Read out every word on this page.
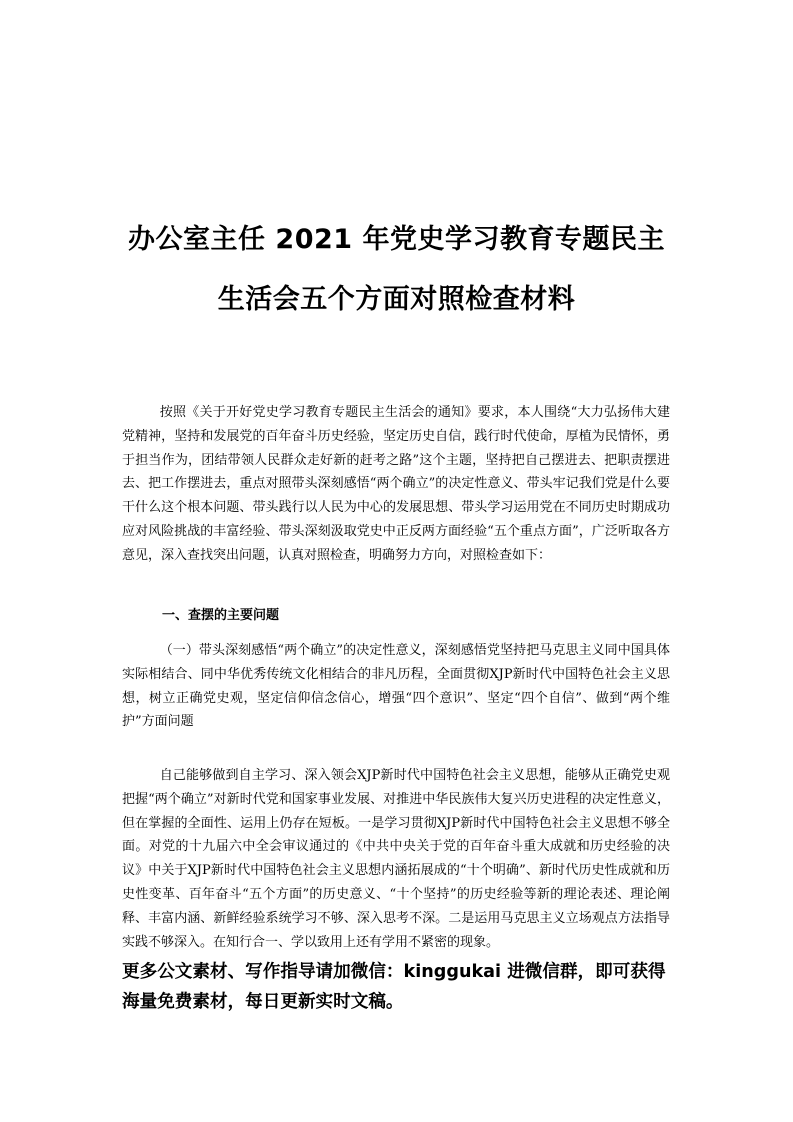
办公室主任 2021 年党史学习教育专题民主
生活会五个方面对照检查材料

按照《关于开好党史学习教育专题民主生活会的通知》要求，本人围绕“大力弘扬伟大建党精神，坚持和发展党的百年奋斗历史经验，坚定历史自信，践行时代使命，厚植为民情怀，勇于担当作为，团结带领人民群众走好新的赶考之路”这个主题，坚持把自己摆进去、把职责摆进去、把工作摆进去，重点对照带头深刻感悟“两个确立”的决定性意义、带头牢记我们党是什么要干什么这个根本问题、带头践行以人民为中心的发展思想、带头学习运用党在不同历史时期成功应对风险挑战的丰富经验、带头深刻汲取党史中正反两方面经验“五个重点方面”，广泛听取各方意见，深入查找突出问题，认真对照检查，明确努力方向，对照检查如下：

一、查摆的主要问题

（一）带头深刻感悟“两个确立”的决定性意义，深刻感悟党坚持把马克思主义同中国具体实际相结合、同中华优秀传统文化相结合的非凡历程，全面贯彻XJP新时代中国特色社会主义思想，树立正确党史观，坚定信仰信念信心，增强“四个意识”、坚定“四个自信”、做到“两个维护”方面问题

自己能够做到自主学习、深入领会XJP新时代中国特色社会主义思想，能够从正确党史观把握“两个确立”对新时代党和国家事业发展、对推进中华民族伟大复兴历史进程的决定性意义，但在掌握的全面性、运用上仍存在短板。一是学习贯彻XJP新时代中国特色社会主义思想不够全面。对党的十九届六中全会审议通过的《中共中央关于党的百年奋斗重大成就和历史经验的决议》中关于XJP新时代中国特色社会主义思想内涵拓展成的“十个明确”、新时代历史性成就和历史性变革、百年奋斗“五个方面”的历史意义、“十个坚持”的历史经验等新的理论表述、理论阐释、丰富内涵、新鲜经验系统学习不够、深入思考不深。二是运用马克思主义立场观点方法指导实践不够深入。在知行合一、学以致用上还有学用不紧密的现象。

更多公文素材、写作指导请加微信：kinggukai 进微信群，即可获得海量免费素材，每日更新实时文稿。
